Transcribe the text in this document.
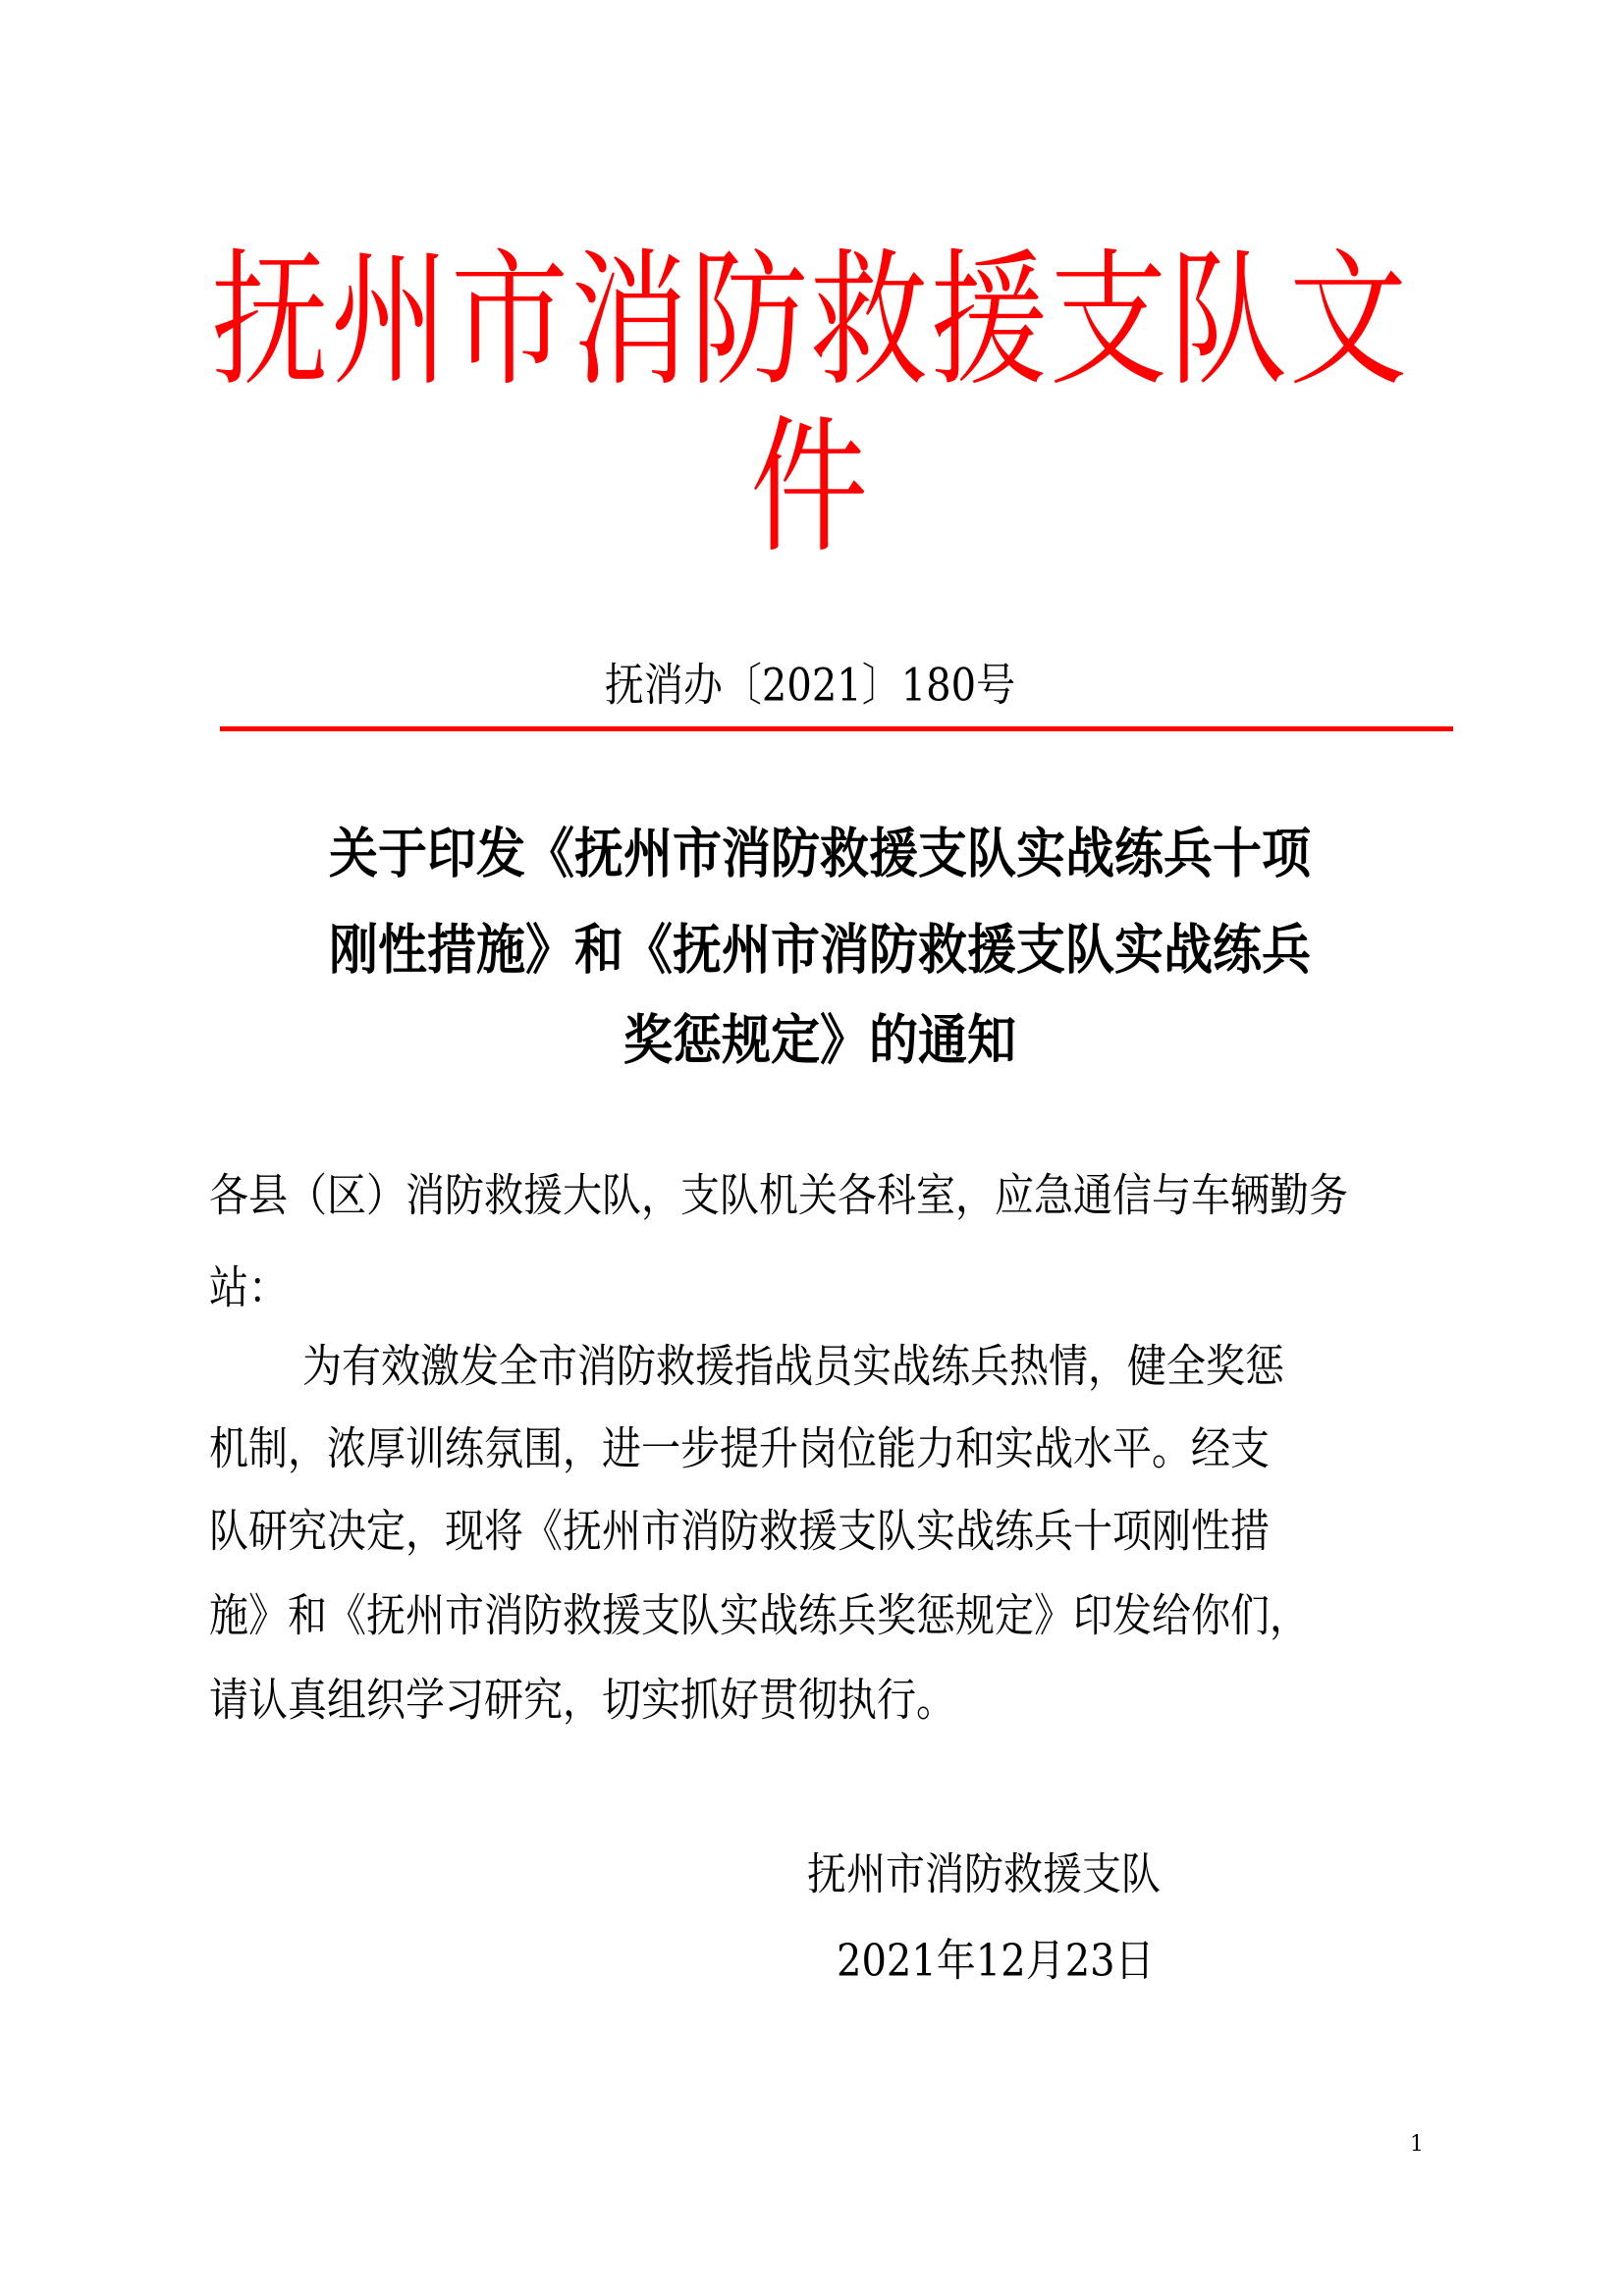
抚州市消防救援支队文
件
抚消办〔2021〕180号
关于印发《抚州市消防救援支队实战练兵十项
刚性措施》和《抚州市消防救援支队实战练兵
奖惩规定》的通知
各县（区）消防救援大队，支队机关各科室，应急通信与车辆勤务
站：
为有效激发全市消防救援指战员实战练兵热情，健全奖惩
机制，浓厚训练氛围，进一步提升岗位能力和实战水平。经支
队研究决定，现将《抚州市消防救援支队实战练兵十项刚性措
施》和《抚州市消防救援支队实战练兵奖惩规定》印发给你们，
请认真组织学习研究，切实抓好贯彻执行。
抚州市消防救援支队
2021年12月23日
1
